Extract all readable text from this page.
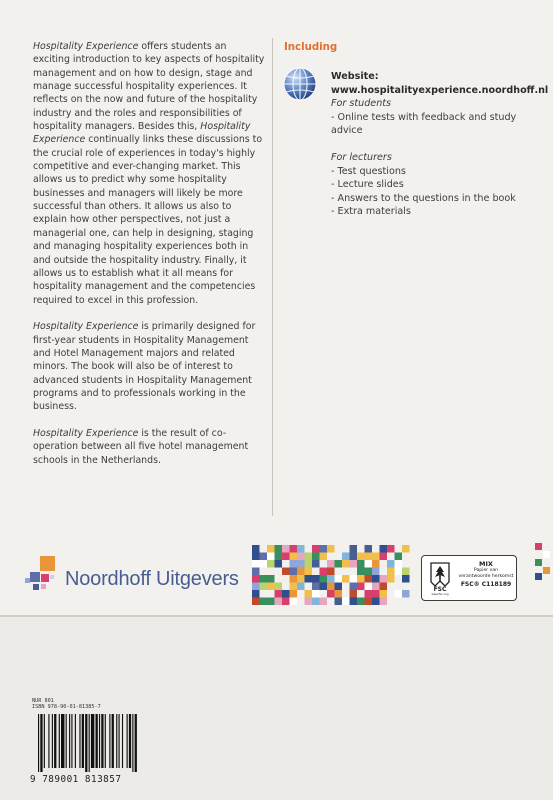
Hospitality Experience offers students an exciting introduction to key aspects of hospitality management and on how to design, stage and manage successful hospitality experiences. It reflects on the now and future of the hospitality industry and the roles and responsibilities of hospitality managers. Besides this, Hospitality Experience continually links these discussions to the crucial role of experiences in today's highly competitive and ever-changing market. This allows us to predict why some hospitality businesses and managers will likely be more successful than others. It allows us also to explain how other perspectives, not just a managerial one, can help in designing, staging and managing hospitality experiences both in and outside the hospitality industry. Finally, it allows us to establish what it all means for hospitality management and the competencies required to excel in this profession.

Hospitality Experience is primarily designed for first-year students in Hospitality Management and Hotel Management majors and related minors. The book will also be of interest to advanced students in Hospitality Management programs and to professionals working in the business.

Hospitality Experience is the result of co-operation between all five hotel management schools in the Netherlands.

Including
Website:
www.hospitalityexperience.noordhoff.nl
For students
- Online tests with feedback and study advice
For lecturers
- Test questions
- Lecture slides
- Answers to the questions in the book
- Extra materials
Noordhoff Uitgevers	FSC
www.fsc.org
MIX
Papier van
verantwoorde herkomst
FSC® C118189
NUR 801
ISBN 978-90-01-81385-7
9 789001 813857
